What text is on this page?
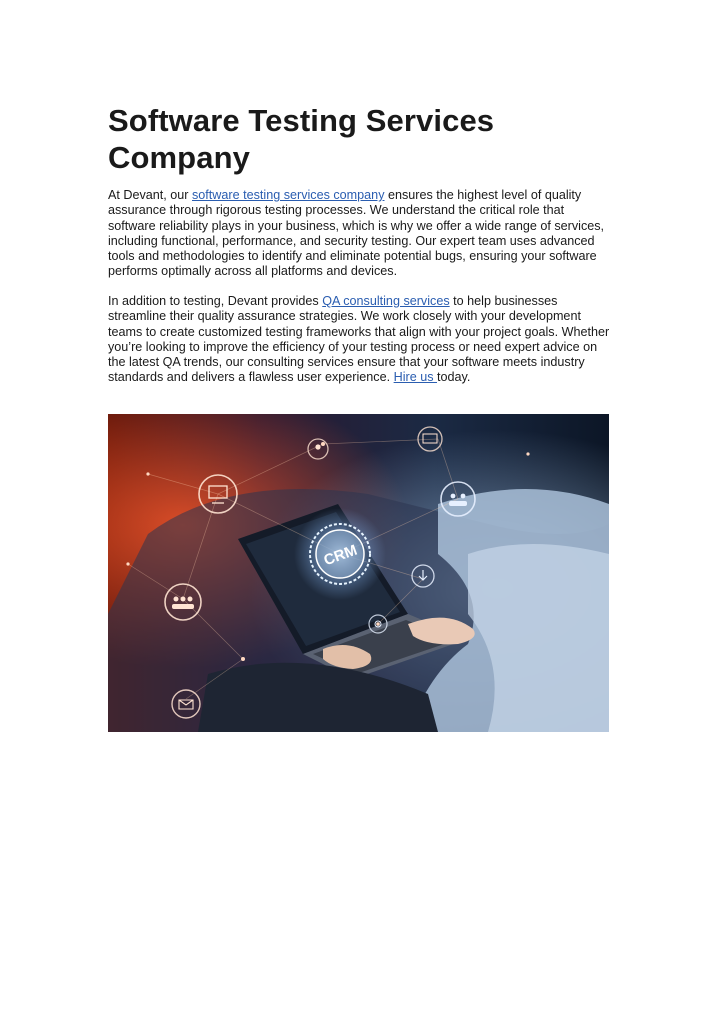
Software Testing Services Company

At Devant, our software testing services company ensures the highest level of quality assurance through rigorous testing processes. We understand the critical role that software reliability plays in your business, which is why we offer a wide range of services, including functional, performance, and security testing. Our expert team uses advanced tools and methodologies to identify and eliminate potential bugs, ensuring your software performs optimally across all platforms and devices.

In addition to testing, Devant provides QA consulting services to help businesses streamline their quality assurance strategies. We work closely with your development teams to create customized testing frameworks that align with your project goals. Whether you’re looking to improve the efficiency of your testing process or need expert advice on the latest QA trends, our consulting services ensure that your software meets industry standards and delivers a flawless user experience. Hire us today.

CRM
